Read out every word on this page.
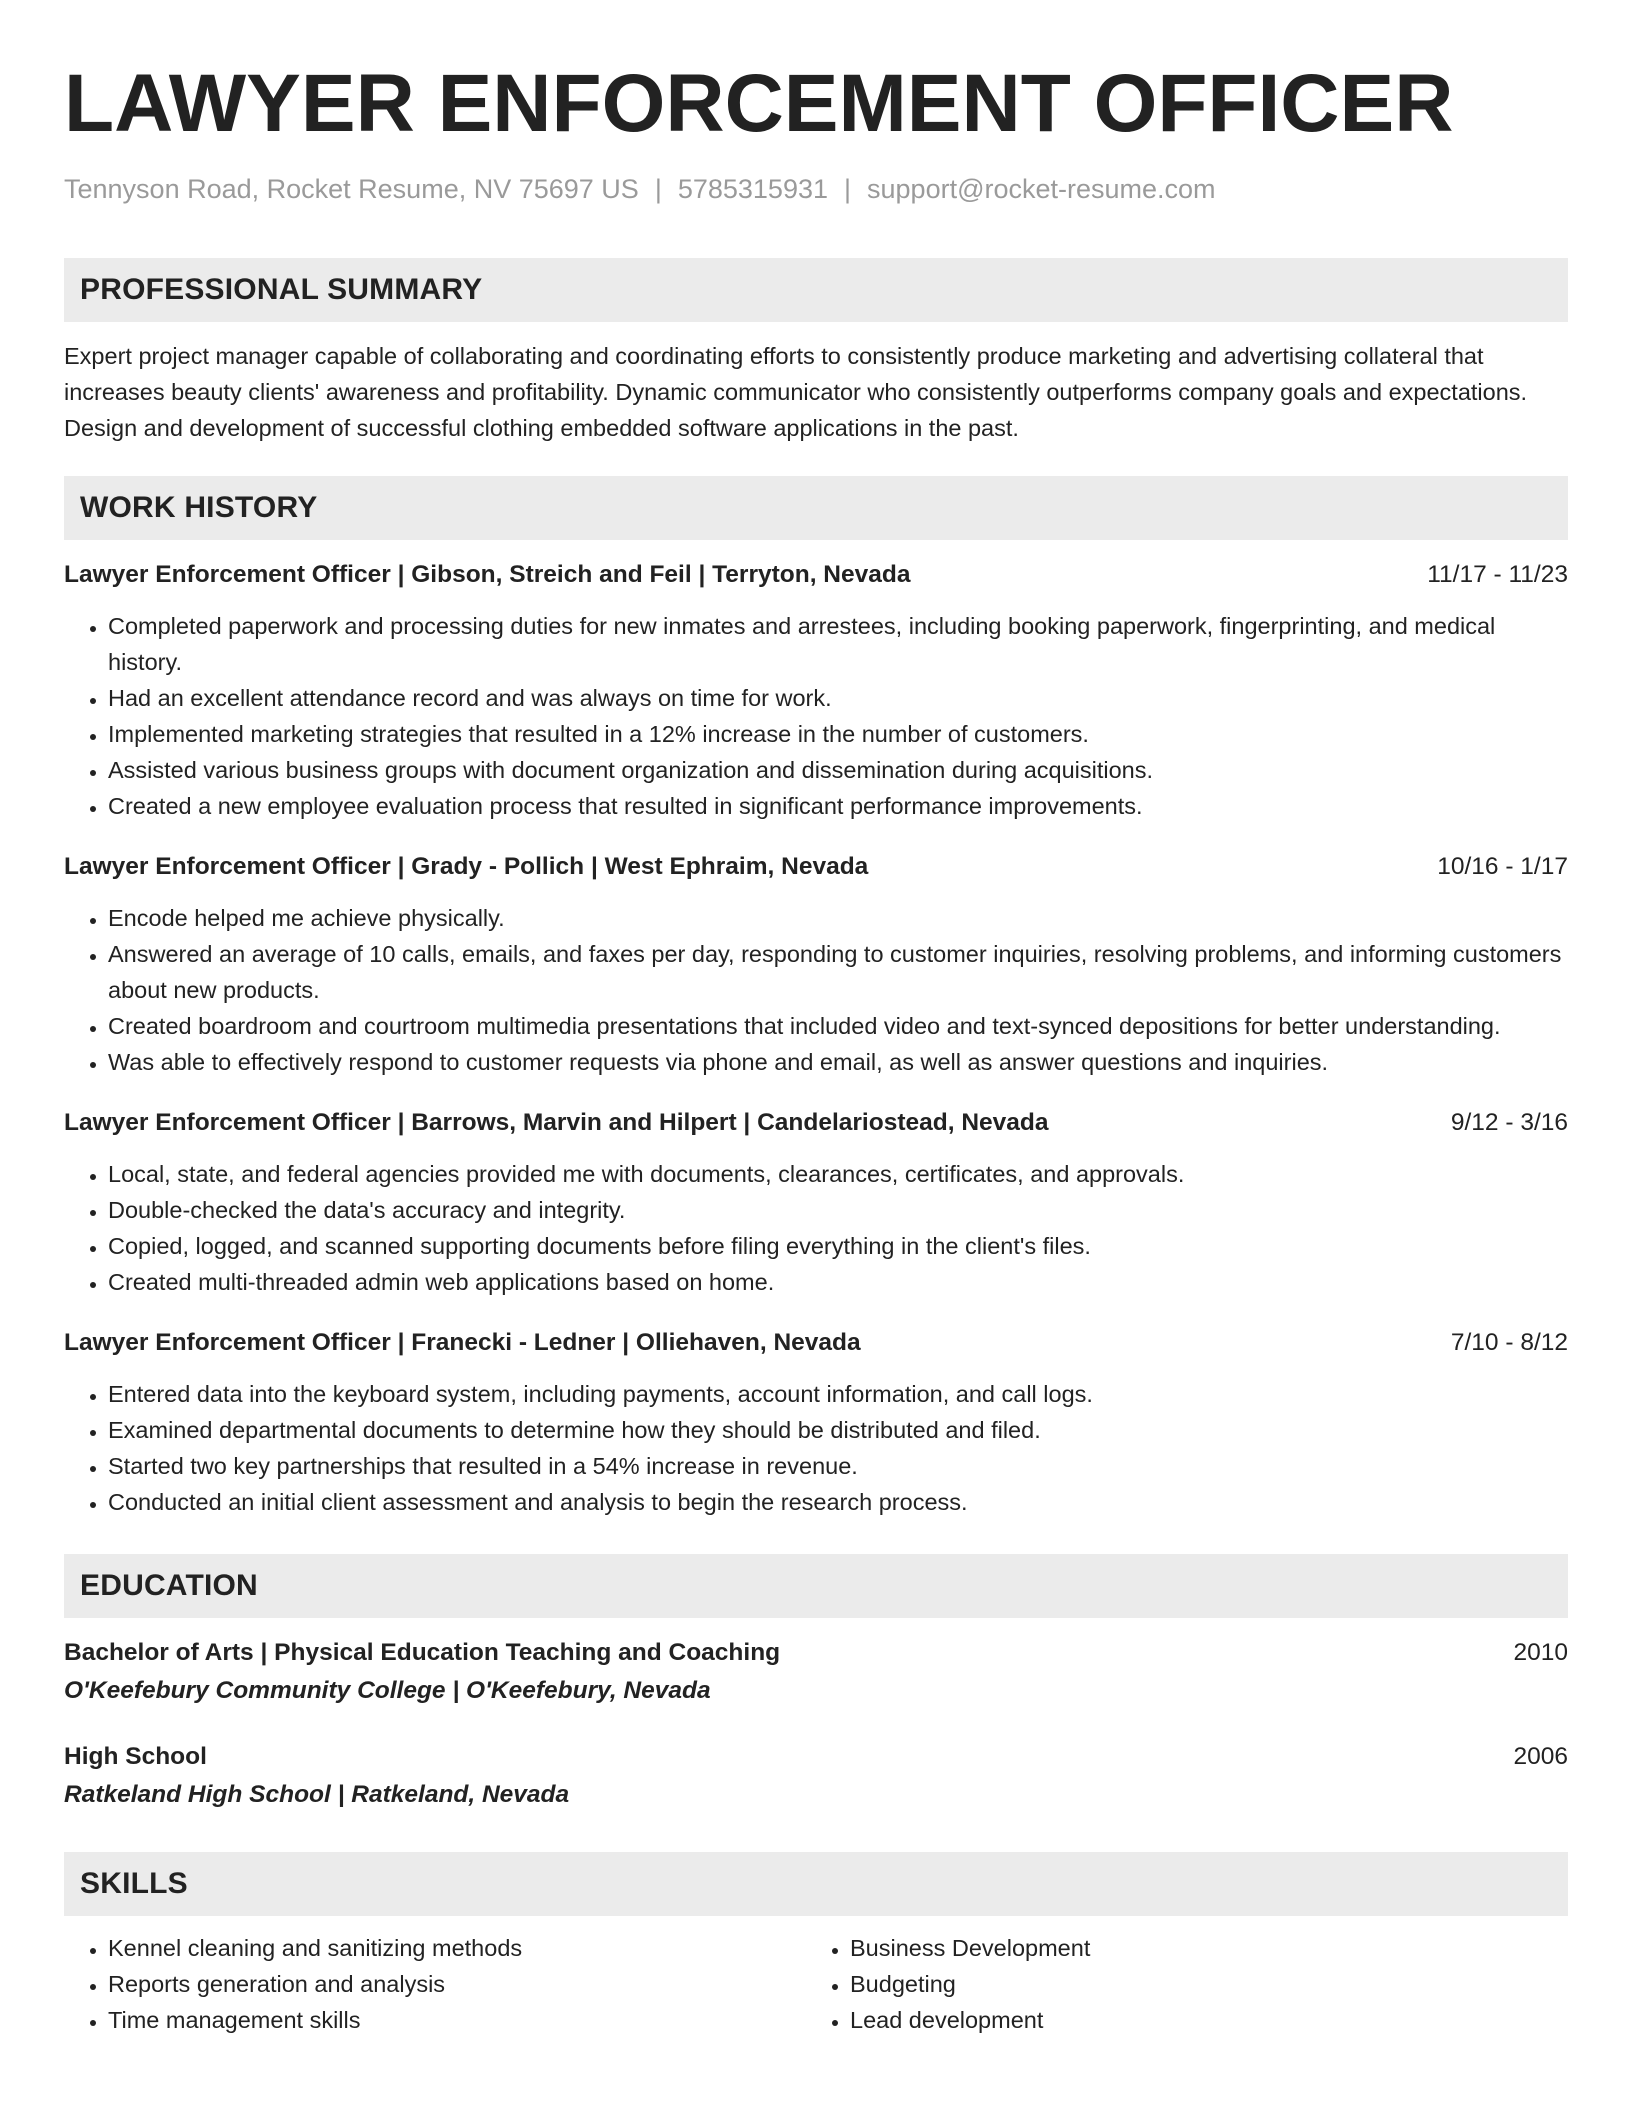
LAWYER ENFORCEMENT OFFICER
Tennyson Road, Rocket Resume, NV 75697 US | 5785315931 | support@rocket-resume.com
PROFESSIONAL SUMMARY
Expert project manager capable of collaborating and coordinating efforts to consistently produce marketing and advertising collateral that increases beauty clients' awareness and profitability. Dynamic communicator who consistently outperforms company goals and expectations. Design and development of successful clothing embedded software applications in the past.
WORK HISTORY
Lawyer Enforcement Officer | Gibson, Streich and Feil | Terryton, Nevada	11/17 - 11/23
• Completed paperwork and processing duties for new inmates and arrestees, including booking paperwork, fingerprinting, and medical history.
• Had an excellent attendance record and was always on time for work.
• Implemented marketing strategies that resulted in a 12% increase in the number of customers.
• Assisted various business groups with document organization and dissemination during acquisitions.
• Created a new employee evaluation process that resulted in significant performance improvements.
Lawyer Enforcement Officer | Grady - Pollich | West Ephraim, Nevada	10/16 - 1/17
• Encode helped me achieve physically.
• Answered an average of 10 calls, emails, and faxes per day, responding to customer inquiries, resolving problems, and informing customers about new products.
• Created boardroom and courtroom multimedia presentations that included video and text-synced depositions for better understanding.
• Was able to effectively respond to customer requests via phone and email, as well as answer questions and inquiries.
Lawyer Enforcement Officer | Barrows, Marvin and Hilpert | Candelariostead, Nevada	9/12 - 3/16
• Local, state, and federal agencies provided me with documents, clearances, certificates, and approvals.
• Double-checked the data's accuracy and integrity.
• Copied, logged, and scanned supporting documents before filing everything in the client's files.
• Created multi-threaded admin web applications based on home.
Lawyer Enforcement Officer | Franecki - Ledner | Olliehaven, Nevada	7/10 - 8/12
• Entered data into the keyboard system, including payments, account information, and call logs.
• Examined departmental documents to determine how they should be distributed and filed.
• Started two key partnerships that resulted in a 54% increase in revenue.
• Conducted an initial client assessment and analysis to begin the research process.
EDUCATION
Bachelor of Arts | Physical Education Teaching and Coaching	2010
O'Keefebury Community College | O'Keefebury, Nevada
High School	2006
Ratkeland High School | Ratkeland, Nevada
SKILLS
• Kennel cleaning and sanitizing methods
• Reports generation and analysis
• Time management skills
• Business Development
• Budgeting
• Lead development
